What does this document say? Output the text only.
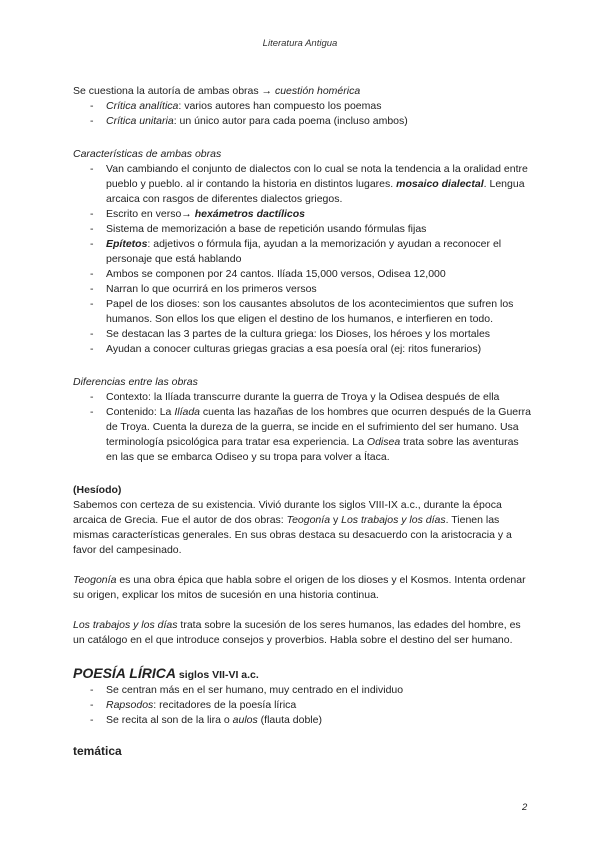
Literatura Antigua

Se cuestiona la autoría de ambas obras → cuestión homérica

- Crítica analítica: varios autores han compuesto los poemas
- Crítica unitaria: un único autor para cada poema (incluso ambos)

Características de ambas obras

- Van cambiando el conjunto de dialectos con lo cual se nota la tendencia a la oralidad entre pueblo y pueblo. al ir contando la historia en distintos lugares. mosaico dialectal. Lengua arcaica con rasgos de diferentes dialectos griegos.
- Escrito en verso→ hexámetros dactílicos
- Sistema de memorización a base de repetición usando fórmulas fijas
- Epítetos: adjetivos o fórmula fija, ayudan a la memorización y ayudan a reconocer el personaje que está hablando
- Ambos se componen por 24 cantos. Ilíada 15,000 versos, Odisea 12,000
- Narran lo que ocurrirá en los primeros versos
- Papel de los dioses: son los causantes absolutos de los acontecimientos que sufren los humanos. Son ellos los que eligen el destino de los humanos, e interfieren en todo.
- Se destacan las 3 partes de la cultura griega: los Dioses, los héroes y los mortales
- Ayudan a conocer culturas griegas gracias a esa poesía oral (ej: ritos funerarios)

Diferencias entre las obras

- Contexto: la Ilíada transcurre durante la guerra de Troya y la Odisea después de ella
- Contenido: La Ilíada cuenta las hazañas de los hombres que ocurren después de la Guerra de Troya. Cuenta la dureza de la guerra, se incide en el sufrimiento del ser humano. Usa terminología psicológica para tratar esa experiencia. La Odisea trata sobre las aventuras en las que se embarca Odiseo y su tropa para volver a Ítaca.

(Hesíodo)

Sabemos con certeza de su existencia. Vivió durante los siglos VIII-IX a.c., durante la época arcaica de Grecia. Fue el autor de dos obras: Teogonía y Los trabajos y los días. Tienen las mismas características generales. En sus obras destaca su desacuerdo con la aristocracia y a favor del campesinado.

Teogonía es una obra épica que habla sobre el origen de los dioses y el Kosmos. Intenta ordenar su origen, explicar los mitos de sucesión en una historia continua.

Los trabajos y los días trata sobre la sucesión de los seres humanos, las edades del hombre, es un catálogo en el que introduce consejos y proverbios. Habla sobre el destino del ser humano.

POESÍA LÍRICA siglos VII-VI a.c.

- Se centran más en el ser humano, muy centrado en el individuo
- Rapsodos: recitadores de la poesía lírica
- Se recita al son de la lira o aulos (flauta doble)

temática

2
